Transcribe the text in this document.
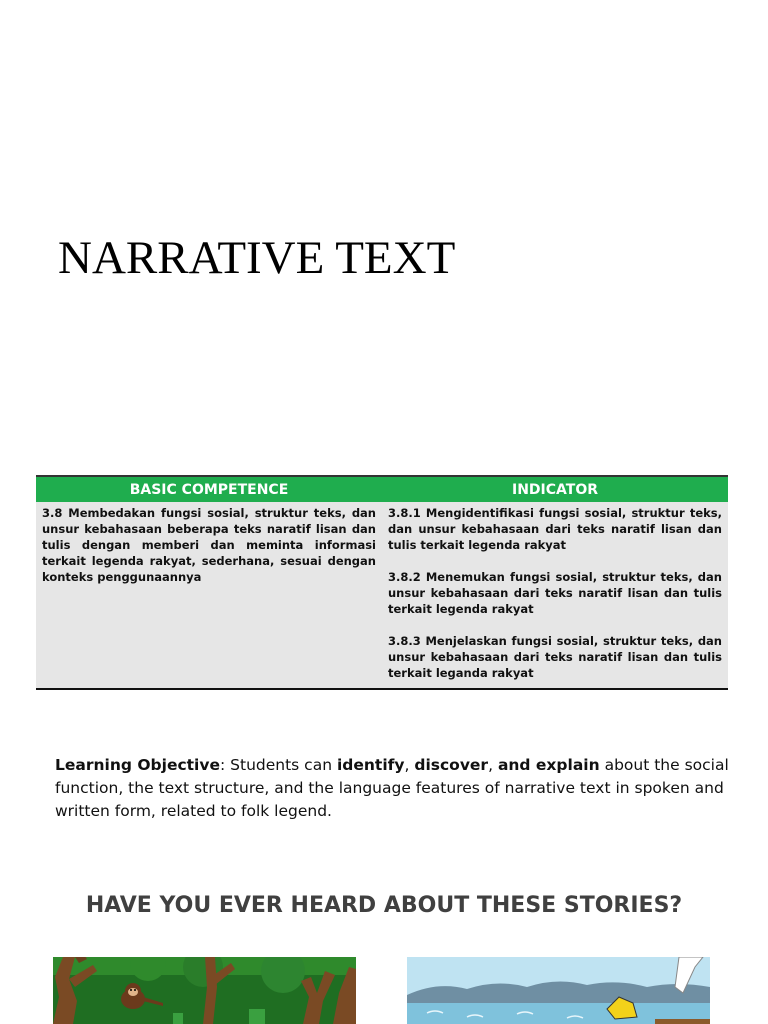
NARRATIVE TEXT
BASIC COMPETENCE	INDICATOR

3.8 Membedakan fungsi sosial, struktur teks, dan unsur kebahasaan beberapa teks naratif lisan dan tulis dengan memberi dan meminta informasi terkait legenda rakyat, sederhana, sesuai dengan konteks penggunaannya

3.8.1 Mengidentifikasi fungsi sosial, struktur teks, dan unsur kebahasaan dari teks naratif lisan dan tulis terkait legenda rakyat

3.8.2 Menemukan fungsi sosial, struktur teks, dan unsur kebahasaan dari teks naratif lisan dan tulis terkait legenda rakyat

3.8.3 Menjelaskan fungsi sosial, struktur teks, dan unsur kebahasaan dari teks naratif lisan dan tulis terkait leganda rakyat

Learning Objective: Students can identify, discover, and explain about the social function, the text structure, and the language features of narrative text in spoken and written form, related to folk legend.
HAVE YOU EVER HEARD ABOUT THESE STORIES?
